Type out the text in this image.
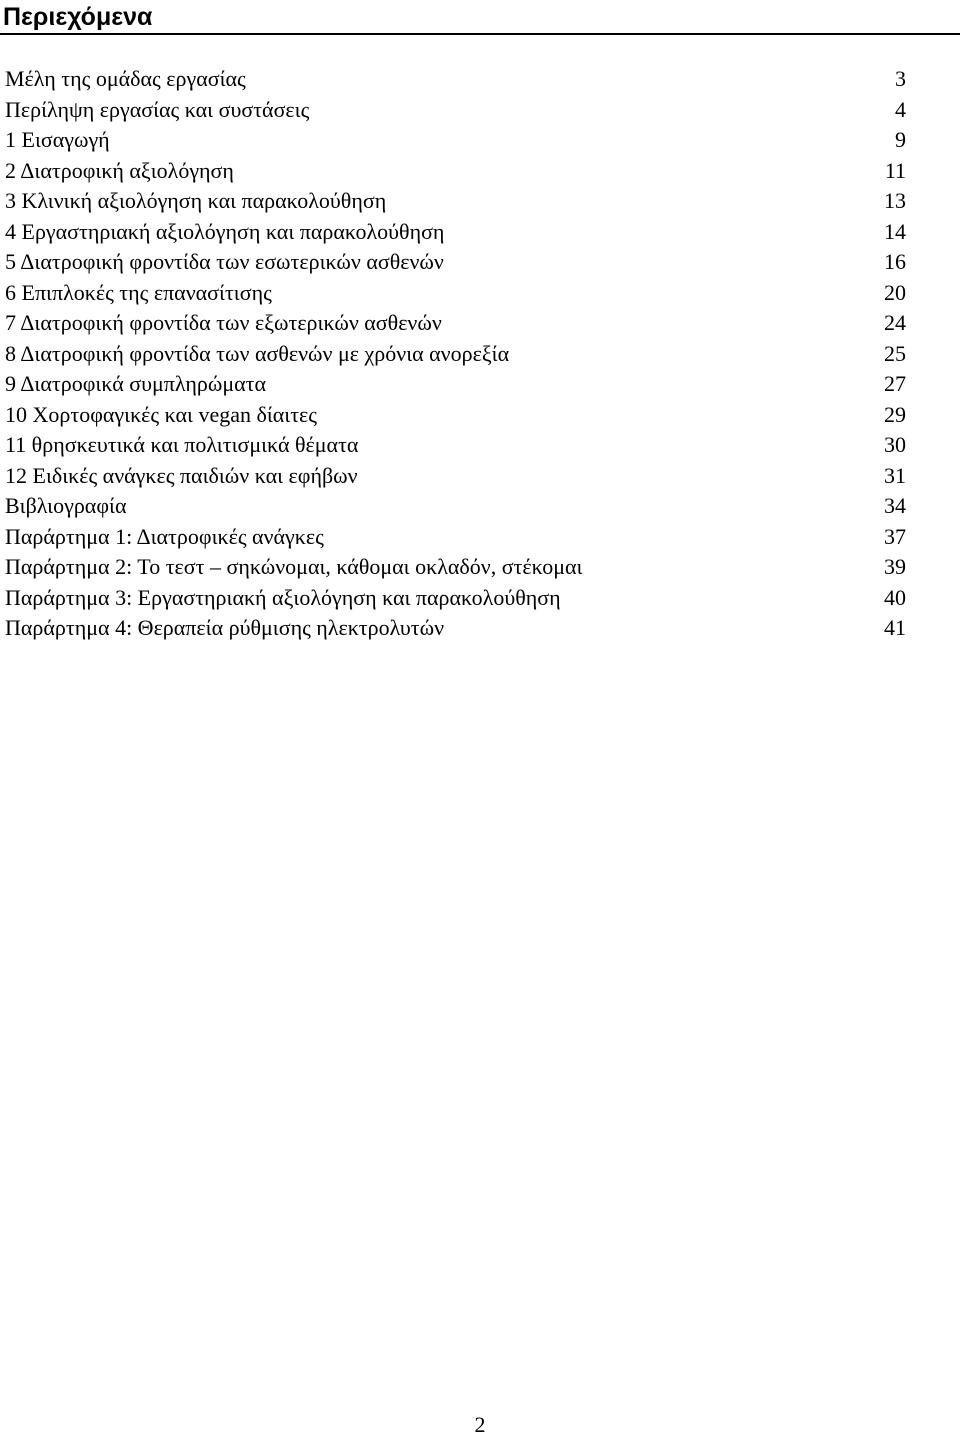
Περιεχόμενα
Μέλη της ομάδας εργασίας	3
Περίληψη εργασίας και συστάσεις	4
1 Εισαγωγή	9
2 Διατροφική αξιολόγηση	11
3 Κλινική αξιολόγηση και παρακολούθηση	13
4 Εργαστηριακή αξιολόγηση και παρακολούθηση	14
5 Διατροφική φροντίδα των εσωτερικών ασθενών	16
6 Επιπλοκές της επανασίτισης	20
7 Διατροφική φροντίδα των εξωτερικών ασθενών	24
8 Διατροφική φροντίδα των ασθενών με χρόνια ανορεξία	25
9 Διατροφικά συμπληρώματα	27
10 Χορτοφαγικές και vegan δίαιτες	29
11 θρησκευτικά και πολιτισμικά θέματα	30
12 Ειδικές ανάγκες παιδιών και εφήβων	31
Βιβλιογραφία	34
Παράρτημα 1: Διατροφικές ανάγκες	37
Παράρτημα 2: Το τεστ – σηκώνομαι, κάθομαι οκλαδόν, στέκομαι	39
Παράρτημα 3: Εργαστηριακή αξιολόγηση και παρακολούθηση	40
Παράρτημα 4: Θεραπεία ρύθμισης ηλεκτρολυτών	41
2
